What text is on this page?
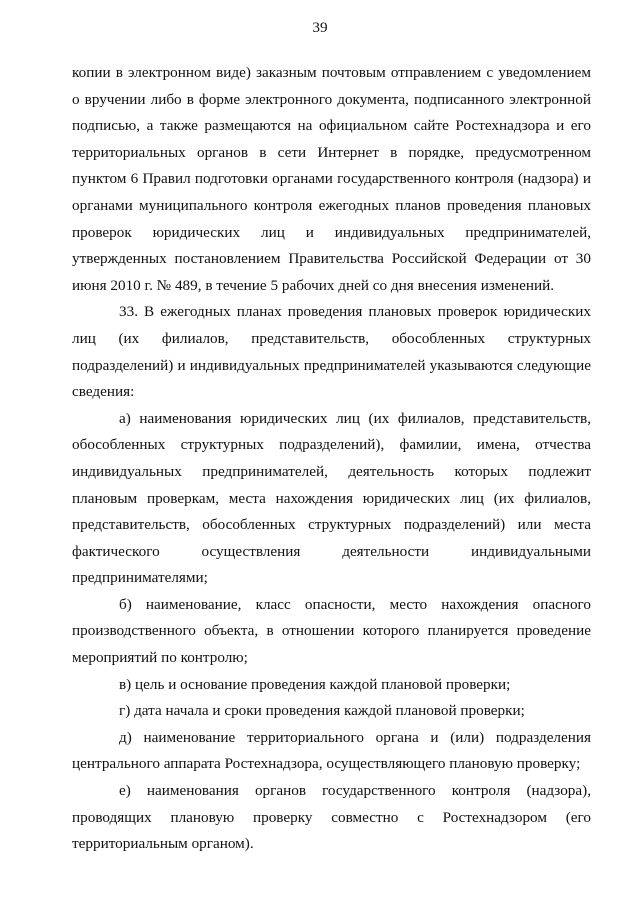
39

копии в электронном виде) заказным почтовым отправлением с уведомлением о вручении либо в форме электронного документа, подписанного электронной подписью, а также размещаются на официальном сайте Ростехнадзора и его территориальных органов в сети Интернет в порядке, предусмотренном пунктом 6 Правил подготовки органами государственного контроля (надзора) и органами муниципального контроля ежегодных планов проведения плановых проверок юридических лиц и индивидуальных предпринимателей, утвержденных постановлением Правительства Российской Федерации от 30 июня 2010 г. № 489, в течение 5 рабочих дней со дня внесения изменений.

33. В ежегодных планах проведения плановых проверок юридических лиц (их филиалов, представительств, обособленных структурных подразделений) и индивидуальных предпринимателей указываются следующие сведения:

а) наименования юридических лиц (их филиалов, представительств, обособленных структурных подразделений), фамилии, имена, отчества индивидуальных предпринимателей, деятельность которых подлежит плановым проверкам, места нахождения юридических лиц (их филиалов, представительств, обособленных структурных подразделений) или места фактического осуществления деятельности индивидуальными предпринимателями;

б) наименование, класс опасности, место нахождения опасного производственного объекта, в отношении которого планируется проведение мероприятий по контролю;

в) цель и основание проведения каждой плановой проверки;

г) дата начала и сроки проведения каждой плановой проверки;

д) наименование территориального органа и (или) подразделения центрального аппарата Ростехнадзора, осуществляющего плановую проверку;

е) наименования органов государственного контроля (надзора), проводящих плановую проверку совместно с Ростехнадзором (его территориальным органом).
